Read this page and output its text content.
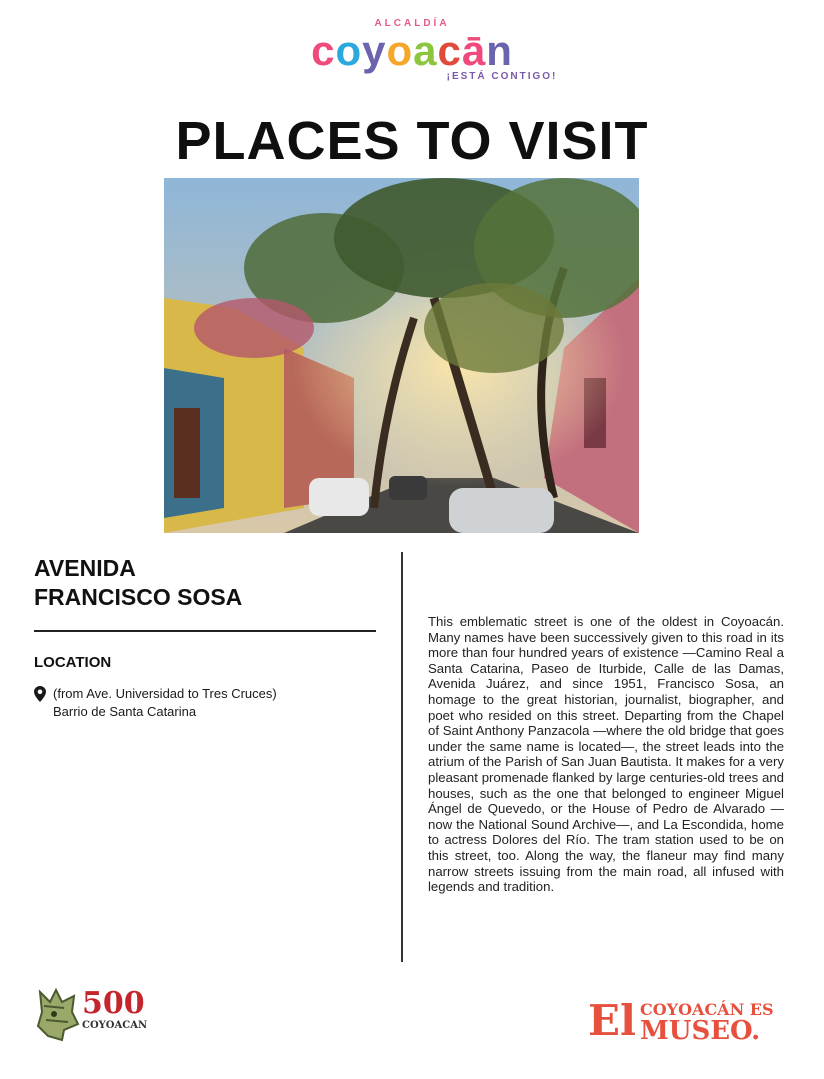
ALCALDÍA
coyoacān
¡ESTÁ CONTIGO!
PLACES TO VISIT
AVENIDA
FRANCISCO SOSA
LOCATION
(from Ave. Universidad to Tres Cruces)
Barrio de Santa Catarina
This emblematic street is one of the oldest in Coyoacán. Many names have been successively given to this road in its more than four hundred years of existence —Camino Real a Santa Catarina, Paseo de Iturbide, Calle de las Damas, Avenida Juárez, and since 1951, Francisco Sosa, an homage to the great historian, journalist, biographer, and poet who resided on this street. Departing from the Chapel of Saint Anthony Panzacola —where the old bridge that goes under the same name is located—, the street leads into the atrium of the Parish of San Juan Bautista. It makes for a very pleasant promenade flanked by large centuries-old trees and houses, such as the one that belonged to engineer Miguel Ángel de Quevedo, or the House of Pedro de Alvarado —now the National Sound Archive—, and La Escondida, home to actress Dolores del Río. The tram station used to be on this street, too. Along the way, the flaneur may find many narrow streets issuing from the main road, all infused with legends and tradition.
500
COYOACAN	El COYOACÁN ES
MUSEO.
